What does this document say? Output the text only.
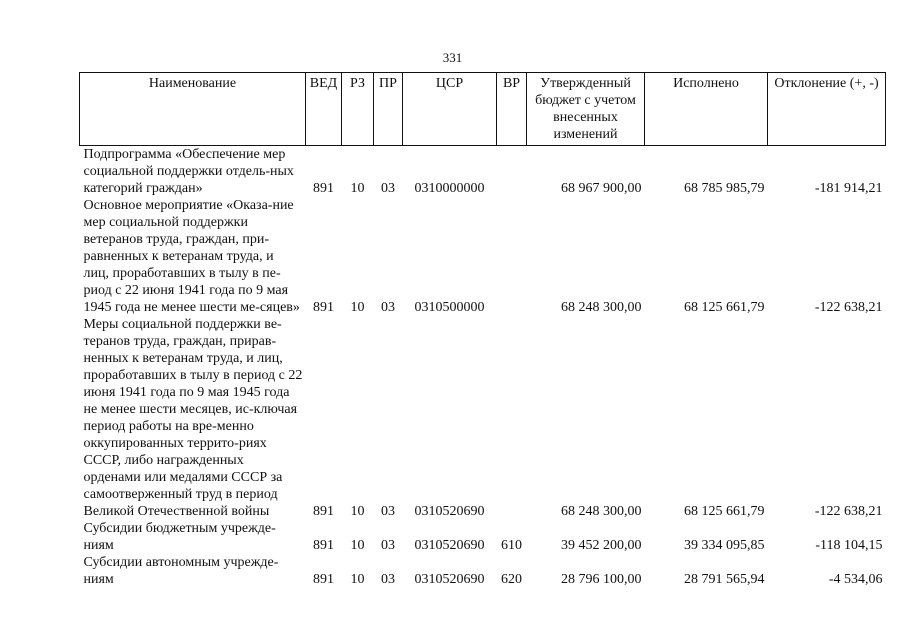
331
Наименование	ВЕД	РЗ	ПР	ЦСР	ВР	Утвержденный бюджет с учетом внесенных изменений	Исполнено	Отклонение (+, -)
Подпрограмма «Обеспечение мер социальной поддержки отдель-ных категорий граждан»	891	10	03	0310000000		68 967 900,00	68 785 985,79	-181 914,21
Основное мероприятие «Оказа-ние мер социальной поддержки ветеранов труда, граждан, при-равненных к ветеранам труда, и лиц, проработавших в тылу в пе-риод с 22 июня 1941 года по 9 мая 1945 года не менее шести ме-сяцев»	891	10	03	0310500000		68 248 300,00	68 125 661,79	-122 638,21
Меры социальной поддержки ве-теранов труда, граждан, прирав-ненных к ветеранам труда, и лиц, проработавших в тылу в период с 22 июня 1941 года по 9 мая 1945 года не менее шести месяцев, ис-ключая период работы на вре-менно оккупированных террито-риях СССР, либо награжденных орденами или медалями СССР за самоотверженный труд в период Великой Отечественной войны	891	10	03	0310520690		68 248 300,00	68 125 661,79	-122 638,21
Субсидии бюджетным учрежде-ниям	891	10	03	0310520690	610	39 452 200,00	39 334 095,85	-118 104,15
Субсидии автономным учрежде-ниям	891	10	03	0310520690	620	28 796 100,00	28 791 565,94	-4 534,06
